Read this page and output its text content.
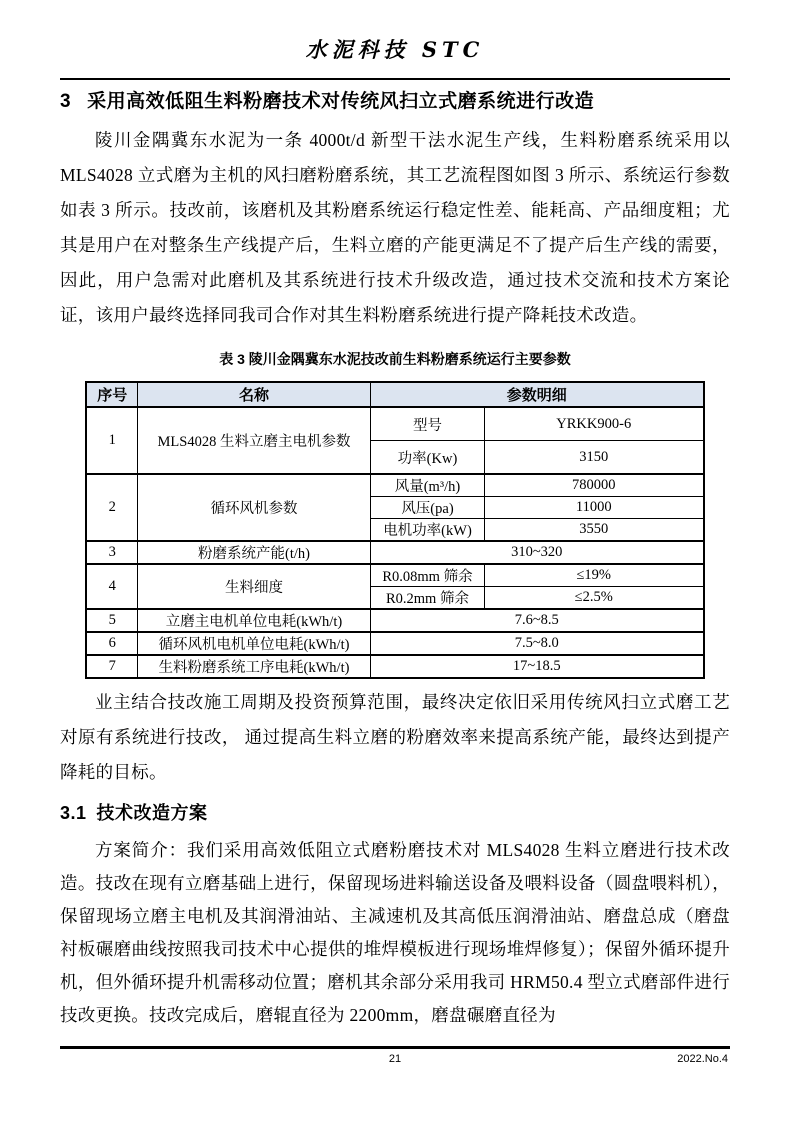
水泥科技 STC
3 采用高效低阻生料粉磨技术对传统风扫立式磨系统进行改造

陵川金隅冀东水泥为一条 4000t/d 新型干法水泥生产线，生料粉磨系统采用以 MLS4028 立式磨为主机的风扫磨粉磨系统，其工艺流程图如图 3 所示、系统运行参数如表 3 所示。技改前，该磨机及其粉磨系统运行稳定性差、能耗高、产品细度粗；尤其是用户在对整条生产线提产后，生料立磨的产能更满足不了提产后生产线的需要，因此，用户急需对此磨机及其系统进行技术升级改造，通过技术交流和技术方案论证，该用户最终选择同我司合作对其生料粉磨系统进行提产降耗技术改造。

表 3 陵川金隅冀东水泥技改前生料粉磨系统运行主要参数
序号	名称	参数明细	
1	MLS4028 生料立磨主电机参数	型号	YRKK900-6
		功率(Kw)	3150
2	循环风机参数	风量(m³/h)	780000
		风压(pa)	11000
		电机功率(kW)	3550
3	粉磨系统产能(t/h)	310~320	
4	生料细度	R0.08mm 筛余	≤19%
		R0.2mm 筛余	≤2.5%
5	立磨主电机单位电耗(kWh/t)	7.6~8.5	
6	循环风机电机单位电耗(kWh/t)	7.5~8.0	
7	生料粉磨系统工序电耗(kWh/t)	17~18.5	

业主结合技改施工周期及投资预算范围，最终决定依旧采用传统风扫立式磨工艺对原有系统进行技改， 通过提高生料立磨的粉磨效率来提高系统产能，最终达到提产降耗的目标。

3.1 技术改造方案

方案简介：我们采用高效低阻立式磨粉磨技术对 MLS4028 生料立磨进行技术改造。技改在现有立磨基础上进行，保留现场进料输送设备及喂料设备（圆盘喂料机），保留现场立磨主电机及其润滑油站、主减速机及其高低压润滑油站、磨盘总成（磨盘衬板碾磨曲线按照我司技术中心提供的堆焊模板进行现场堆焊修复）；保留外循环提升机，但外循环提升机需移动位置；磨机其余部分采用我司 HRM50.4 型立式磨部件进行技改更换。技改完成后，磨辊直径为 2200mm，磨盘碾磨直径为

21	2022.No.4
